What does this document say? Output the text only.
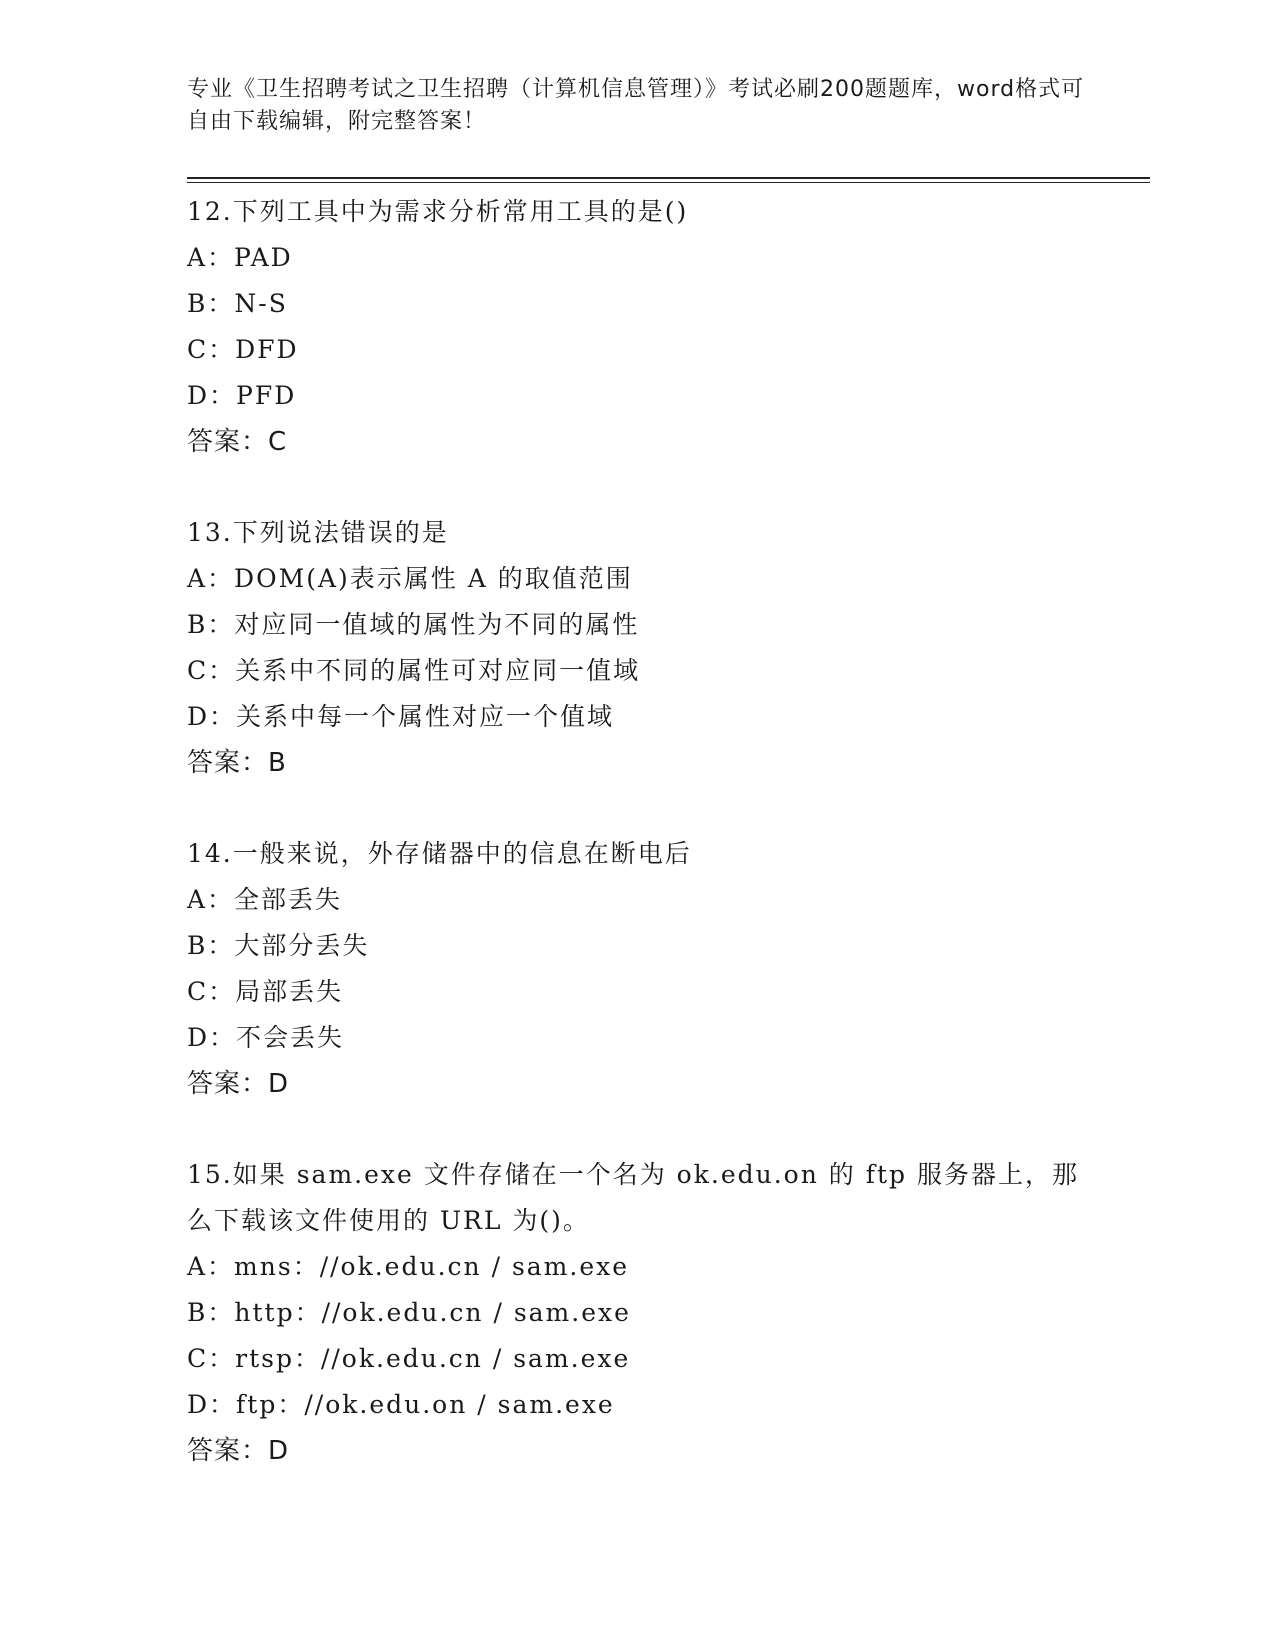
专业《卫生招聘考试之卫生招聘（计算机信息管理）》考试必刷200题题库，word格式可自由下载编辑，附完整答案！

12.下列工具中为需求分析常用工具的是()

A：PAD

B：N-S

C：DFD

D：PFD

答案：C

13.下列说法错误的是

A：DOM(A)表示属性 A 的取值范围

B：对应同一值域的属性为不同的属性

C：关系中不同的属性可对应同一值域

D：关系中每一个属性对应一个值域

答案：B

14.一般来说，外存储器中的信息在断电后

A：全部丢失

B：大部分丢失

C：局部丢失

D：不会丢失

答案：D

15.如果 sam.exe 文件存储在一个名为 ok.edu.on 的 ftp 服务器上，那么下载该文件使用的 URL 为()。

A：mns：//ok.edu.cn / sam.exe

B：http：//ok.edu.cn / sam.exe

C：rtsp：//ok.edu.cn / sam.exe

D：ftp：//ok.edu.on / sam.exe

答案：D
